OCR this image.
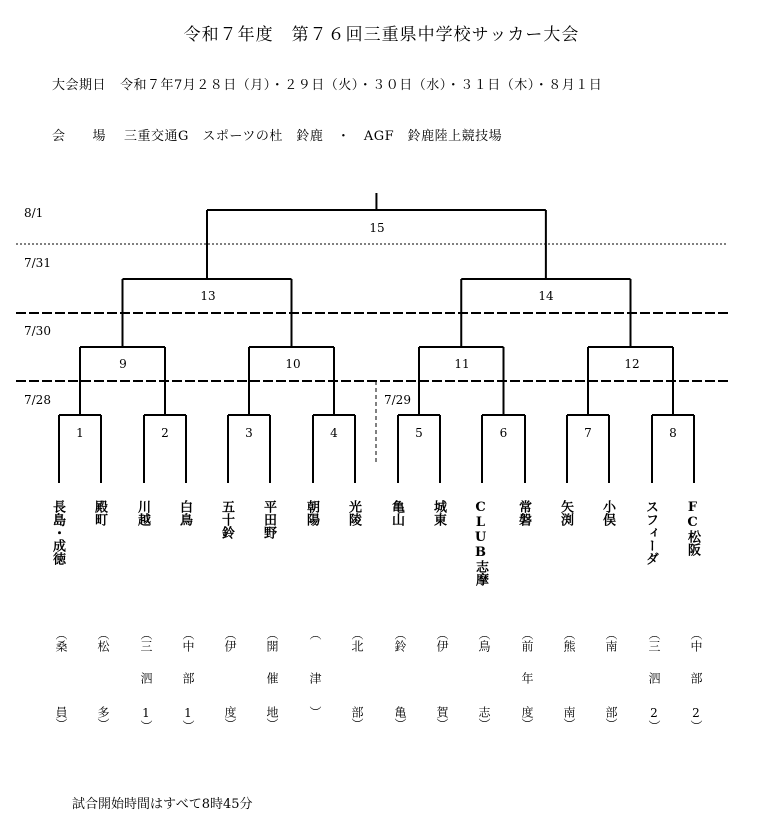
令和７年度　第７６回三重県中学校サッカー大会
大会期日 令和７年7月２８日（月）・２９日（火）・３０日（水）・３１日（木）・８月１日
会　　場 三重交通G　スポーツの杜　鈴鹿　・　AGF　鈴鹿陸上競技場
8/1
7/31
7/30
7/28	7/29
15
13	14
9	10	11	12
1	2	3	4	5	6	7	8
長島・成徳
（桑
員）
殿町
（松
多）
川越
（三
泗
1）
白鳥
（中
部
1）
五十鈴
（伊
度）
平田野
（開
催
地）
朝陽
（
津
）
光陵
（北
部）
亀山
（鈴
亀）
城東
（伊
賀）
CLUB志摩
（鳥
志）
常磐
（前
年
度）
矢渕
（熊
南）
小俣
（南
部）
スフィーダ
（三
泗
2）
FC松阪
（中
部
2）
試合開始時間はすべて8時45分
